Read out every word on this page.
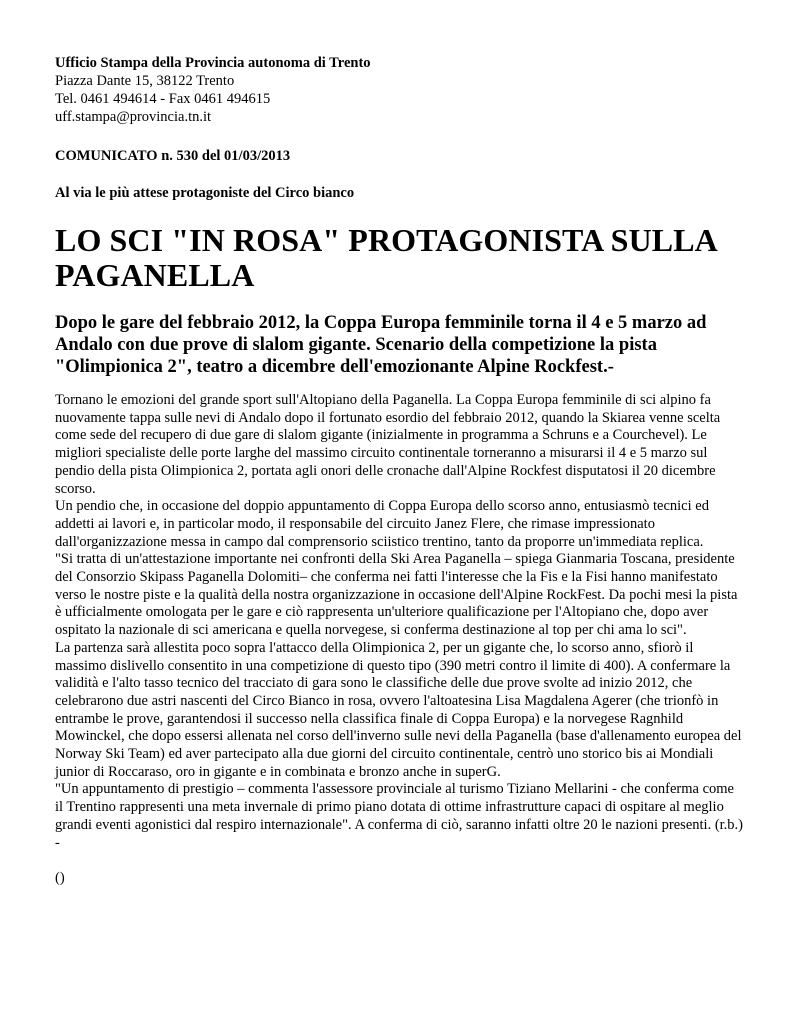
Ufficio Stampa della Provincia autonoma di Trento
Piazza Dante 15, 38122 Trento
Tel. 0461 494614 - Fax 0461 494615
uff.stampa@provincia.tn.it
COMUNICATO n. 530 del 01/03/2013
Al via le più attese protagoniste del Circo bianco
LO SCI "IN ROSA" PROTAGONISTA SULLA
PAGANELLA
Dopo le gare del febbraio 2012, la Coppa Europa femminile torna il 4 e 5 marzo ad Andalo con due prove di slalom gigante. Scenario della competizione la pista "Olimpionica 2", teatro a dicembre dell'emozionante Alpine Rockfest.-

Tornano le emozioni del grande sport sull'Altopiano della Paganella. La Coppa Europa femminile di sci alpino fa nuovamente tappa sulle nevi di Andalo dopo il fortunato esordio del febbraio 2012, quando la Skiarea venne scelta come sede del recupero di due gare di slalom gigante (inizialmente in programma a Schruns e a Courchevel). Le migliori specialiste delle porte larghe del massimo circuito continentale torneranno a misurarsi il 4 e 5 marzo sul pendio della pista Olimpionica 2, portata agli onori delle cronache dall'Alpine Rockfest disputatosi il 20 dicembre scorso.

Un pendio che, in occasione del doppio appuntamento di Coppa Europa dello scorso anno, entusiasmò tecnici ed addetti ai lavori e, in particolar modo, il responsabile del circuito Janez Flere, che rimase impressionato dall'organizzazione messa in campo dal comprensorio sciistico trentino, tanto da proporre un'immediata replica.

"Si tratta di un'attestazione importante nei confronti della Ski Area Paganella – spiega Gianmaria Toscana, presidente del Consorzio Skipass Paganella Dolomiti– che conferma nei fatti l'interesse che la Fis e la Fisi hanno manifestato verso le nostre piste e la qualità della nostra organizzazione in occasione dell'Alpine RockFest. Da pochi mesi la pista è ufficialmente omologata per le gare e ciò rappresenta un'ulteriore qualificazione per l'Altopiano che, dopo aver ospitato la nazionale di sci americana e quella norvegese, si conferma destinazione al top per chi ama lo sci".

La partenza sarà allestita poco sopra l'attacco della Olimpionica 2, per un gigante che, lo scorso anno, sfiorò il massimo dislivello consentito in una competizione di questo tipo (390 metri contro il limite di 400). A confermare la validità e l'alto tasso tecnico del tracciato di gara sono le classifiche delle due prove svolte ad inizio 2012, che celebrarono due astri nascenti del Circo Bianco in rosa, ovvero l'altoatesina Lisa Magdalena Agerer (che trionfò in entrambe le prove, garantendosi il successo nella classifica finale di Coppa Europa) e la norvegese Ragnhild Mowinckel, che dopo essersi allenata nel corso dell'inverno sulle nevi della Paganella (base d'allenamento europea del Norway Ski Team) ed aver partecipato alla due giorni del circuito continentale, centrò uno storico bis ai Mondiali junior di Roccaraso, oro in gigante e in combinata e bronzo anche in superG.

"Un appuntamento di prestigio – commenta l'assessore provinciale al turismo Tiziano Mellarini - che conferma come il Trentino rappresenti una meta invernale di primo piano dotata di ottime infrastrutture capaci di ospitare al meglio grandi eventi agonistici dal respiro internazionale". A conferma di ciò, saranno infatti oltre 20 le nazioni presenti. (r.b.)

-
()
